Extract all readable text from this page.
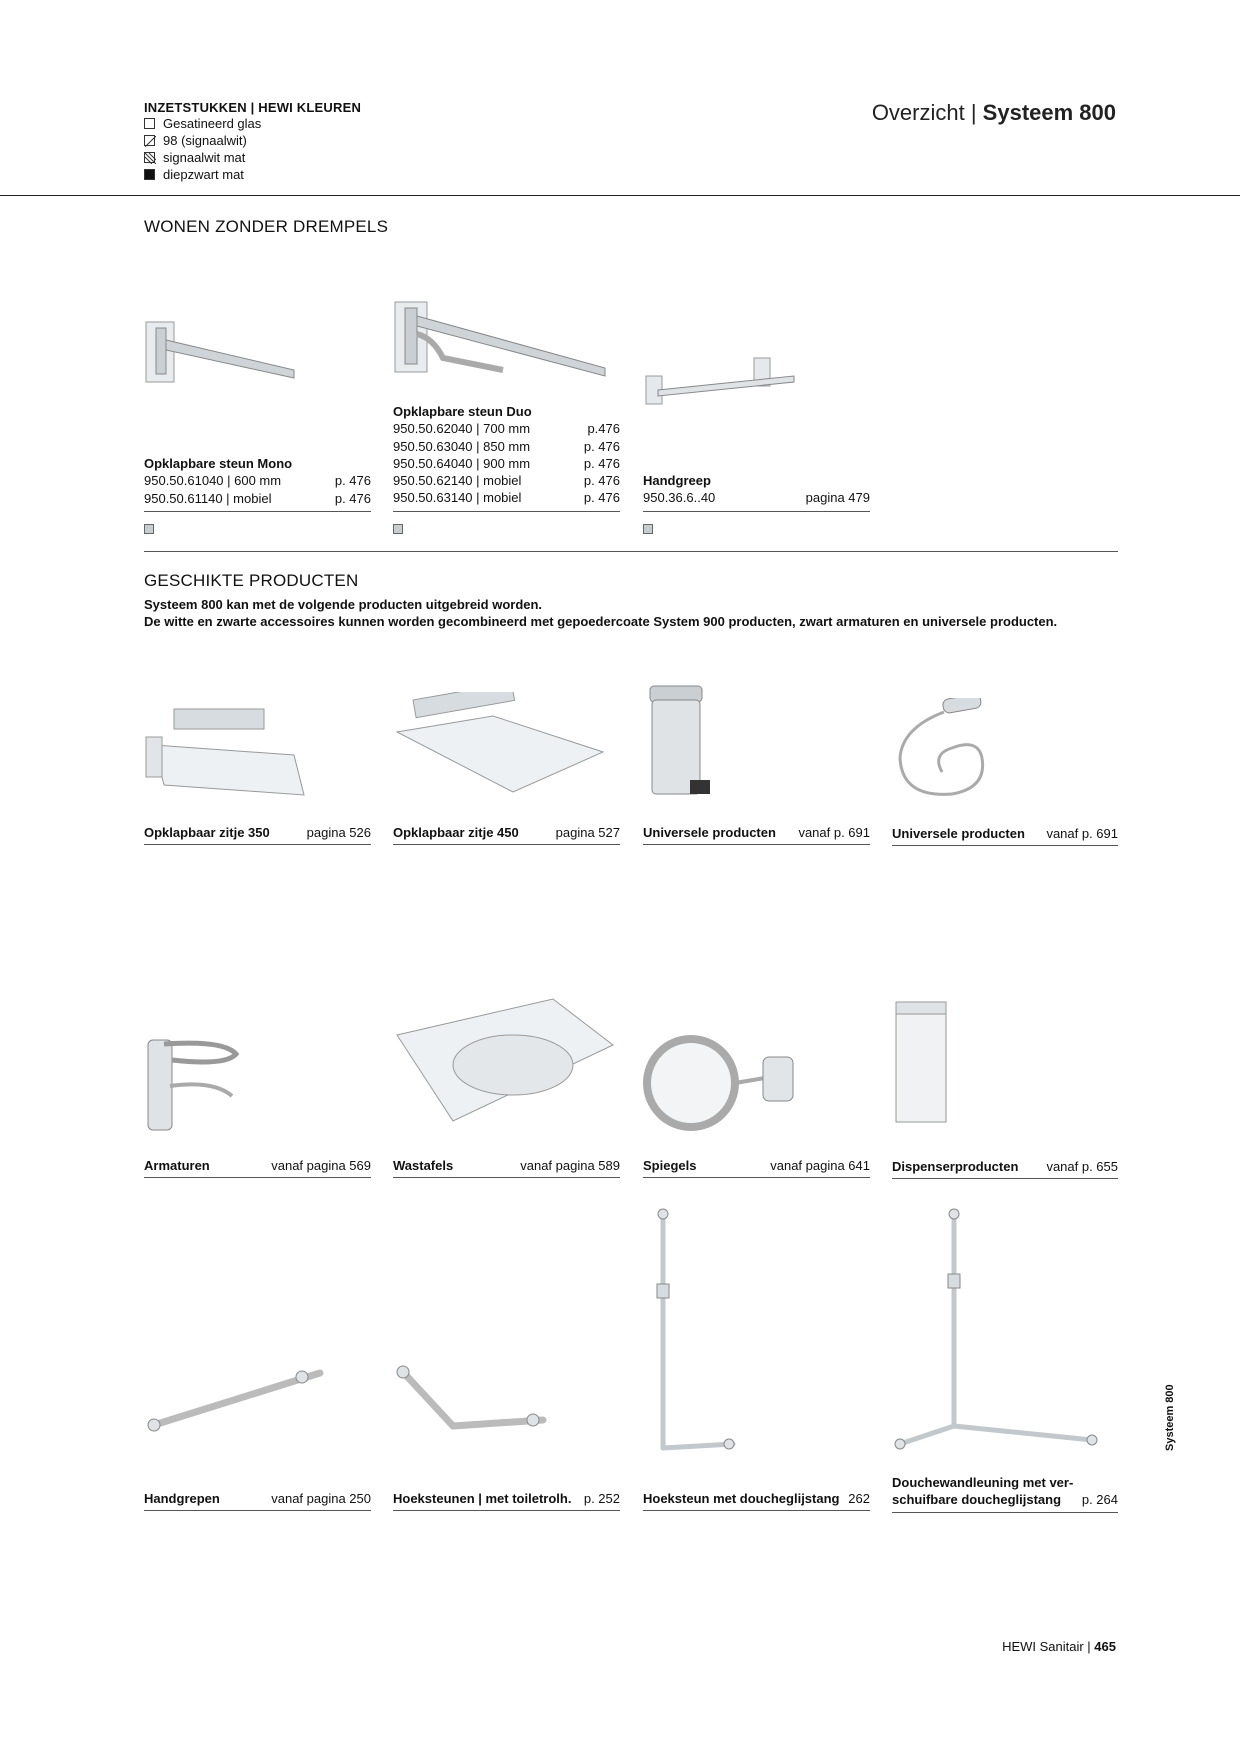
INZETSTUKKEN | HEWI KLEUREN
Gesatineerd glas
98 (signaalwit)
signaalwit mat
diepzwart mat
Overzicht | Systeem 800
WONEN ZONDER DREMPELS
Opklapbare steun Mono
950.50.61040 | 600 mm	p. 476
950.50.61140 | mobiel	p. 476
Opklapbare steun Duo
950.50.62040 | 700 mm	p.476
950.50.63040 | 850 mm	p. 476
950.50.64040 | 900 mm	p. 476
950.50.62140 | mobiel	p. 476
950.50.63140 | mobiel	p. 476
Handgreep
950.36.6..40	pagina 479
GESCHIKTE PRODUCTEN
Systeem 800 kan met de volgende producten uitgebreid worden.
De witte en zwarte accessoires kunnen worden gecombineerd met gepoedercoate System 900 producten, zwart armaturen en universele producten.
Opklapbaar zitje 350	pagina 526 Opklapbaar zitje 450	pagina 527 Universele producten vanaf p. 691 Universele producten vanaf p. 691
Armaturen	vanaf pagina 569 Wastafels	vanaf pagina 589 Spiegels	vanaf pagina 641 Dispenserproducten vanaf p. 655
Handgrepen	vanaf pagina 250 Hoeksteunen | met toiletrolh. p. 252 Hoeksteun met doucheglijstang 262
Douchewandleuning met ver-
schuifbare doucheglijstang	p. 264
Systeem 800
HEWI Sanitair | 465
